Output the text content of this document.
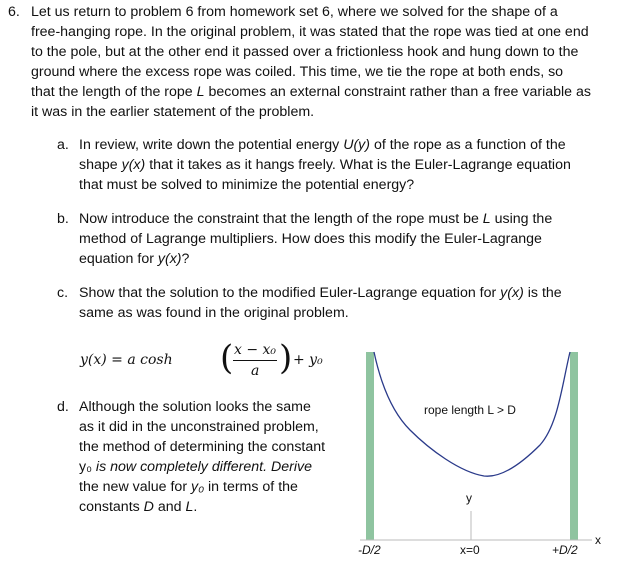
6. Let us return to problem 6 from homework set 6, where we solved for the shape of a
free-hanging rope. In the original problem, it was stated that the rope was tied at one end
to the pole, but at the other end it passed over a frictionless hook and hung down to the
ground where the excess rope was coiled. This time, we tie the rope at both ends, so
that the length of the rope L becomes an external constraint rather than a free variable as
it was in the earlier statement of the problem.
a. In review, write down the potential energy U(y) of the rope as a function of the
shape y(x) that it takes as it hangs freely. What is the Euler-Lagrange equation
that must be solved to minimize the potential energy?
b. Now introduce the constraint that the length of the rope must be L using the
method of Lagrange multipliers. How does this modify the Euler-Lagrange
equation for y(x)?
c. Show that the solution to the modified Euler-Lagrange equation for y(x) is the
same as was found in the original problem.
d. Although the solution looks the same
as it did in the unconstrained problem,
the method of determining the constant
y₀ is now completely different. Derive
the new value for y₀ in terms of the
constants D and L.
y(x) = a cosh ( x − x₀
a ) + y₀
rope length L > D
y
x
-D/2	x=0	+D/2
